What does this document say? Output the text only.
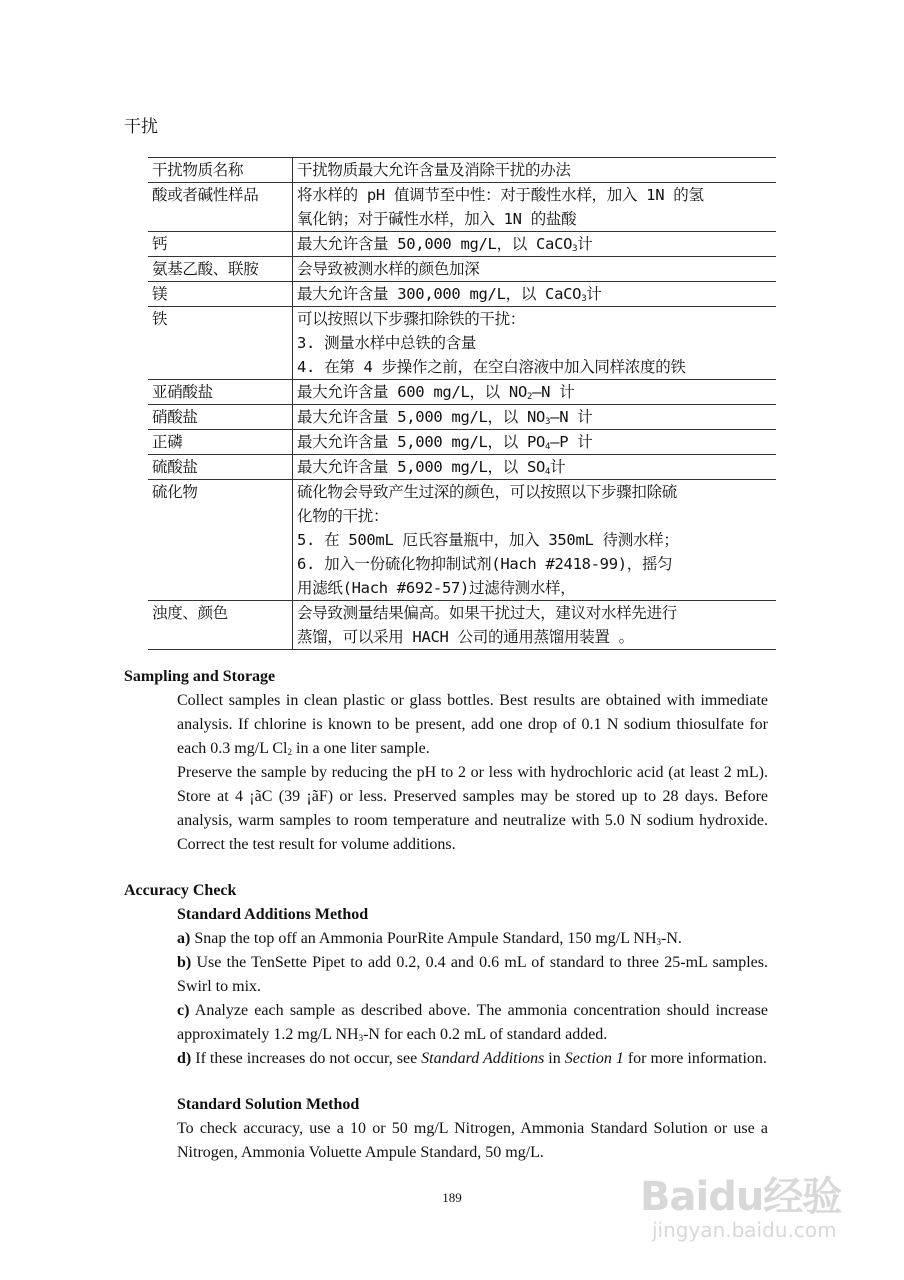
干扰
干扰物质名称	干扰物质最大允许含量及消除干扰的办法

酸或者碱性样品	将水样的 pH 值调节至中性：对于酸性水样，加入 1N 的氢
氧化钠；对于碱性水样，加入 1N 的盐酸

钙	最大允许含量 50,000 mg/L，以 CaCO$_3$计

氨基乙酸、联胺	会导致被测水样的颜色加深

镁	最大允许含量 300,000 mg/L，以 CaCO$_3$计

铁	可以按照以下步骤扣除铁的干扰：
3. 测量水样中总铁的含量
4. 在第 4 步操作之前，在空白溶液中加入同样浓度的铁

亚硝酸盐	最大允许含量 600 mg/L，以 $NO_2—N$ 计

硝酸盐	最大允许含量 5,000 mg/L，以 $NO_3—N$ 计

正磷	最大允许含量 5,000 mg/L，以 $PO_4—P$ 计

硫酸盐	最大允许含量 5,000 mg/L，以 $SO_4$计

硫化物	硫化物会导致产生过深的颜色，可以按照以下步骤扣除硫
化物的干扰：
5. 在 500mL 厄氏容量瓶中，加入 350mL 待测水样；
6. 加入一份硫化物抑制试剂(Hach #2418-99)，摇匀
用滤纸(Hach #692-57)过滤待测水样，

浊度、颜色	会导致测量结果偏高。如果干扰过大，建议对水样先进行
蒸馏，可以采用 HACH 公司的通用蒸馏用装置 。
Sampling and Storage
Collect samples in clean plastic or glass bottles. Best results are obtained with immediate analysis. If chlorine is known to be present, add one drop of 0.1 N sodium thiosulfate for each 0.3 mg/L $Cl_2$ in a one liter sample.
Preserve the sample by reducing the pH to 2 or less with hydrochloric acid (at least 2 mL). Store at 4 ¡ãC (39 ¡ãF) or less. Preserved samples may be stored up to 28 days. Before analysis, warm samples to room temperature and neutralize with 5.0 N sodium hydroxide. Correct the test result for volume additions.
Accuracy Check
Standard Additions Method
a) Snap the top off an Ammonia PourRite Ampule Standard, 150 mg/L $NH_3-N$.
b) Use the TenSette Pipet to add 0.2, 0.4 and 0.6 mL of standard to three 25-mL samples. Swirl to mix.
c) Analyze each sample as described above. The ammonia concentration should increase approximately 1.2 mg/L $NH_3-N$ for each 0.2 mL of standard added.
d) If these increases do not occur, see Standard Additions in Section 1 for more information.
Standard Solution Method
To check accuracy, use a 10 or 50 mg/L Nitrogen, Ammonia Standard Solution or use a Nitrogen, Ammonia Voluette Ampule Standard, 50 mg/L.
189	Baidu经验
jingyan.baidu.com
